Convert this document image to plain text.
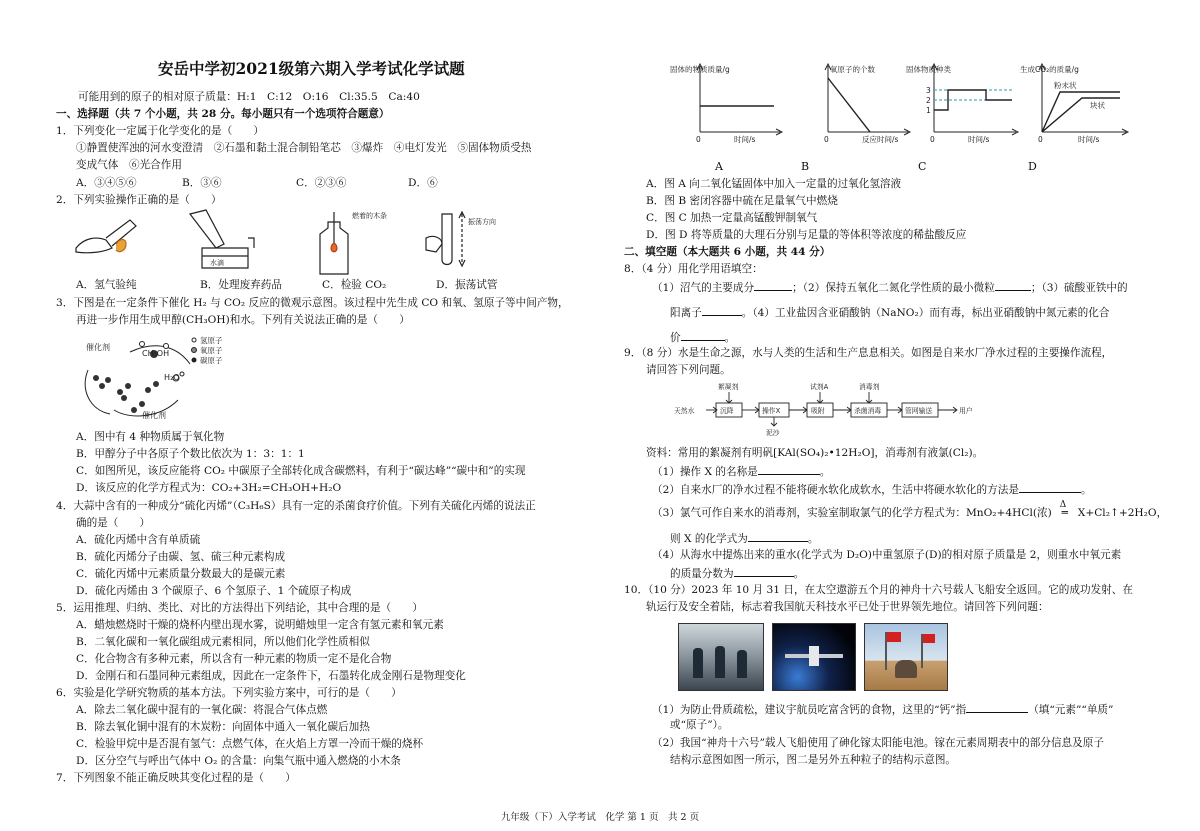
安岳中学初2021级第六期入学考试化学试题
可能用到的原子的相对原子质量：H:1　C:12　O:16　Cl:35.5　Ca:40
一、选择题（共 7 个小题，共 28 分。每小题只有一个选项符合题意）
1．下列变化一定属于化学变化的是（　　）
①静置使浑浊的河水变澄清　②石墨和黏土混合制铅笔芯　③爆炸　④电灯发光　⑤固体物质受热
变成气体　⑥光合作用
A．③④⑤⑥	B．③⑥	C．②③⑥	D．⑥
2．下列实验操作正确的是（　　）
水滴
燃着的木条
振荡方向
A．氢气验纯	B．处理废弃药品	C．检验 CO₂	D．振荡试管
3．下图是在一定条件下催化 H₂ 与 CO₂ 反应的微观示意图。该过程中先生成 CO 和氧、氢原子等中间产物，
再进一步作用生成甲醇(CH₃OH)和水。下列有关说法正确的是（　　）
催化剂
催化剂
CH₃OH
H₂O
氢原子
氧原子
碳原子
A．图中有 4 种物质属于氧化物
B．甲醇分子中各原子个数比依次为 1：3：1：1
C．如图所见，该反应能将 CO₂ 中碳原子全部转化成含碳燃料，有利于“碳达峰”“碳中和”的实现
D．该反应的化学方程式为：CO₂+3H₂=CH₃OH+H₂O
4．大蒜中含有的一种成分“硫化丙烯”（C₃H₆S）具有一定的杀菌食疗价值。下列有关硫化丙烯的说法正
确的是（　　）
A．硫化丙烯中含有单质硫
B．硫化丙烯分子由碳、氢、硫三种元素构成
C．硫化丙烯中元素质量分数最大的是碳元素
D．硫化丙烯由 3 个碳原子、6 个氢原子、1 个硫原子构成
5．运用推理、归纳、类比、对比的方法得出下列结论，其中合理的是（　　）
A．蜡烛燃烧时干燥的烧杯内壁出现水雾，说明蜡烛里一定含有氢元素和氧元素
B．二氧化碳和一氧化碳组成元素相同，所以他们化学性质相似
C．化合物含有多种元素，所以含有一种元素的物质一定不是化合物
D．金刚石和石墨同种元素组成，因此在一定条件下，石墨转化成金刚石是物理变化
6．实验是化学研究物质的基本方法。下列实验方案中，可行的是（　　）
A．除去二氧化碳中混有的一氧化碳：将混合气体点燃
B．除去氧化铜中混有的木炭粉：向固体中通入一氧化碳后加热
C．检验甲烷中是否混有氢气：点燃气体，在火焰上方罩一冷而干燥的烧杯
D．区分空气与呼出气体中 O₂ 的含量：向集气瓶中通入燃烧的小木条
7．下列图象不能正确反映其变化过程的是（　　）
固体的物质质量/g
时间/s
0
氧原子的个数
反应时间/s
0
固体物质种类
3
2
1
时间/s
0
生成CO₂的质量/g
时间/s
0
粉末状
块状
A	B	C	D
A．图 A 向二氧化锰固体中加入一定量的过氧化氢溶液
B．图 B 密闭容器中硫在足量氧气中燃烧
C．图 C 加热一定量高锰酸钾制氧气
D．图 D 将等质量的大理石分别与足量的等体积等浓度的稀盐酸反应
二、填空题（本大题共 6 小题，共 44 分）
8．（4 分）用化学用语填空：
（1）沼气的主要成分	；（2）保持五氧化二氮化学性质的最小微粒	；（3）硫酸亚铁中的
阳离子	。（4）工业盐因含亚硝酸钠（NaNO₂）而有毒，标出亚硝酸钠中氮元素的化合
价	。
9．（8 分）水是生命之源，水与人类的生活和生产息息相关。如图是自来水厂净水过程的主要操作流程，
请回答下列问题。
天然水	沉降	操作X	吸附	杀菌消毒	管网输送	用户
絮凝剂	试剂A	消毒剂
泥沙
资料：常用的絮凝剂有明矾[KAl(SO₄)₂•12H₂O]，消毒剂有液氯(Cl₂)。
（1）操作 X 的名称是	。
（2）自来水厂的净水过程不能将硬水软化成软水，生活中将硬水软化的方法是	。
（3）氯气可作自来水的消毒剂，实验室制取氯气的化学方程式为：MnO₂+4HCl(浓)
Δ
═ X+Cl₂↑+2H₂O，
则 X 的化学式为	。
（4）从海水中提炼出来的重水(化学式为 D₂O)中重氢原子(D)的相对原子质量是 2，则重水中氧元素
的质量分数为	。
10．（10 分）2023 年 10 月 31 日，在太空遨游五个月的神舟十六号载人飞船安全返回。它的成功发射、在
轨运行及安全着陆，标志着我国航天科技水平已处于世界领先地位。请回答下列问题：
（1）为防止骨质疏松，建议宇航员吃富含钙的食物，这里的“钙”指	（填“元素”“单质”
或“原子”）。
（2）我国“神舟十六号”载人飞船使用了砷化镓太阳能电池。镓在元素周期表中的部分信息及原子
结构示意图如图一所示，图二是另外五种粒子的结构示意图。
九年级（下）入学考试　化学 第 1 页　共 2 页
